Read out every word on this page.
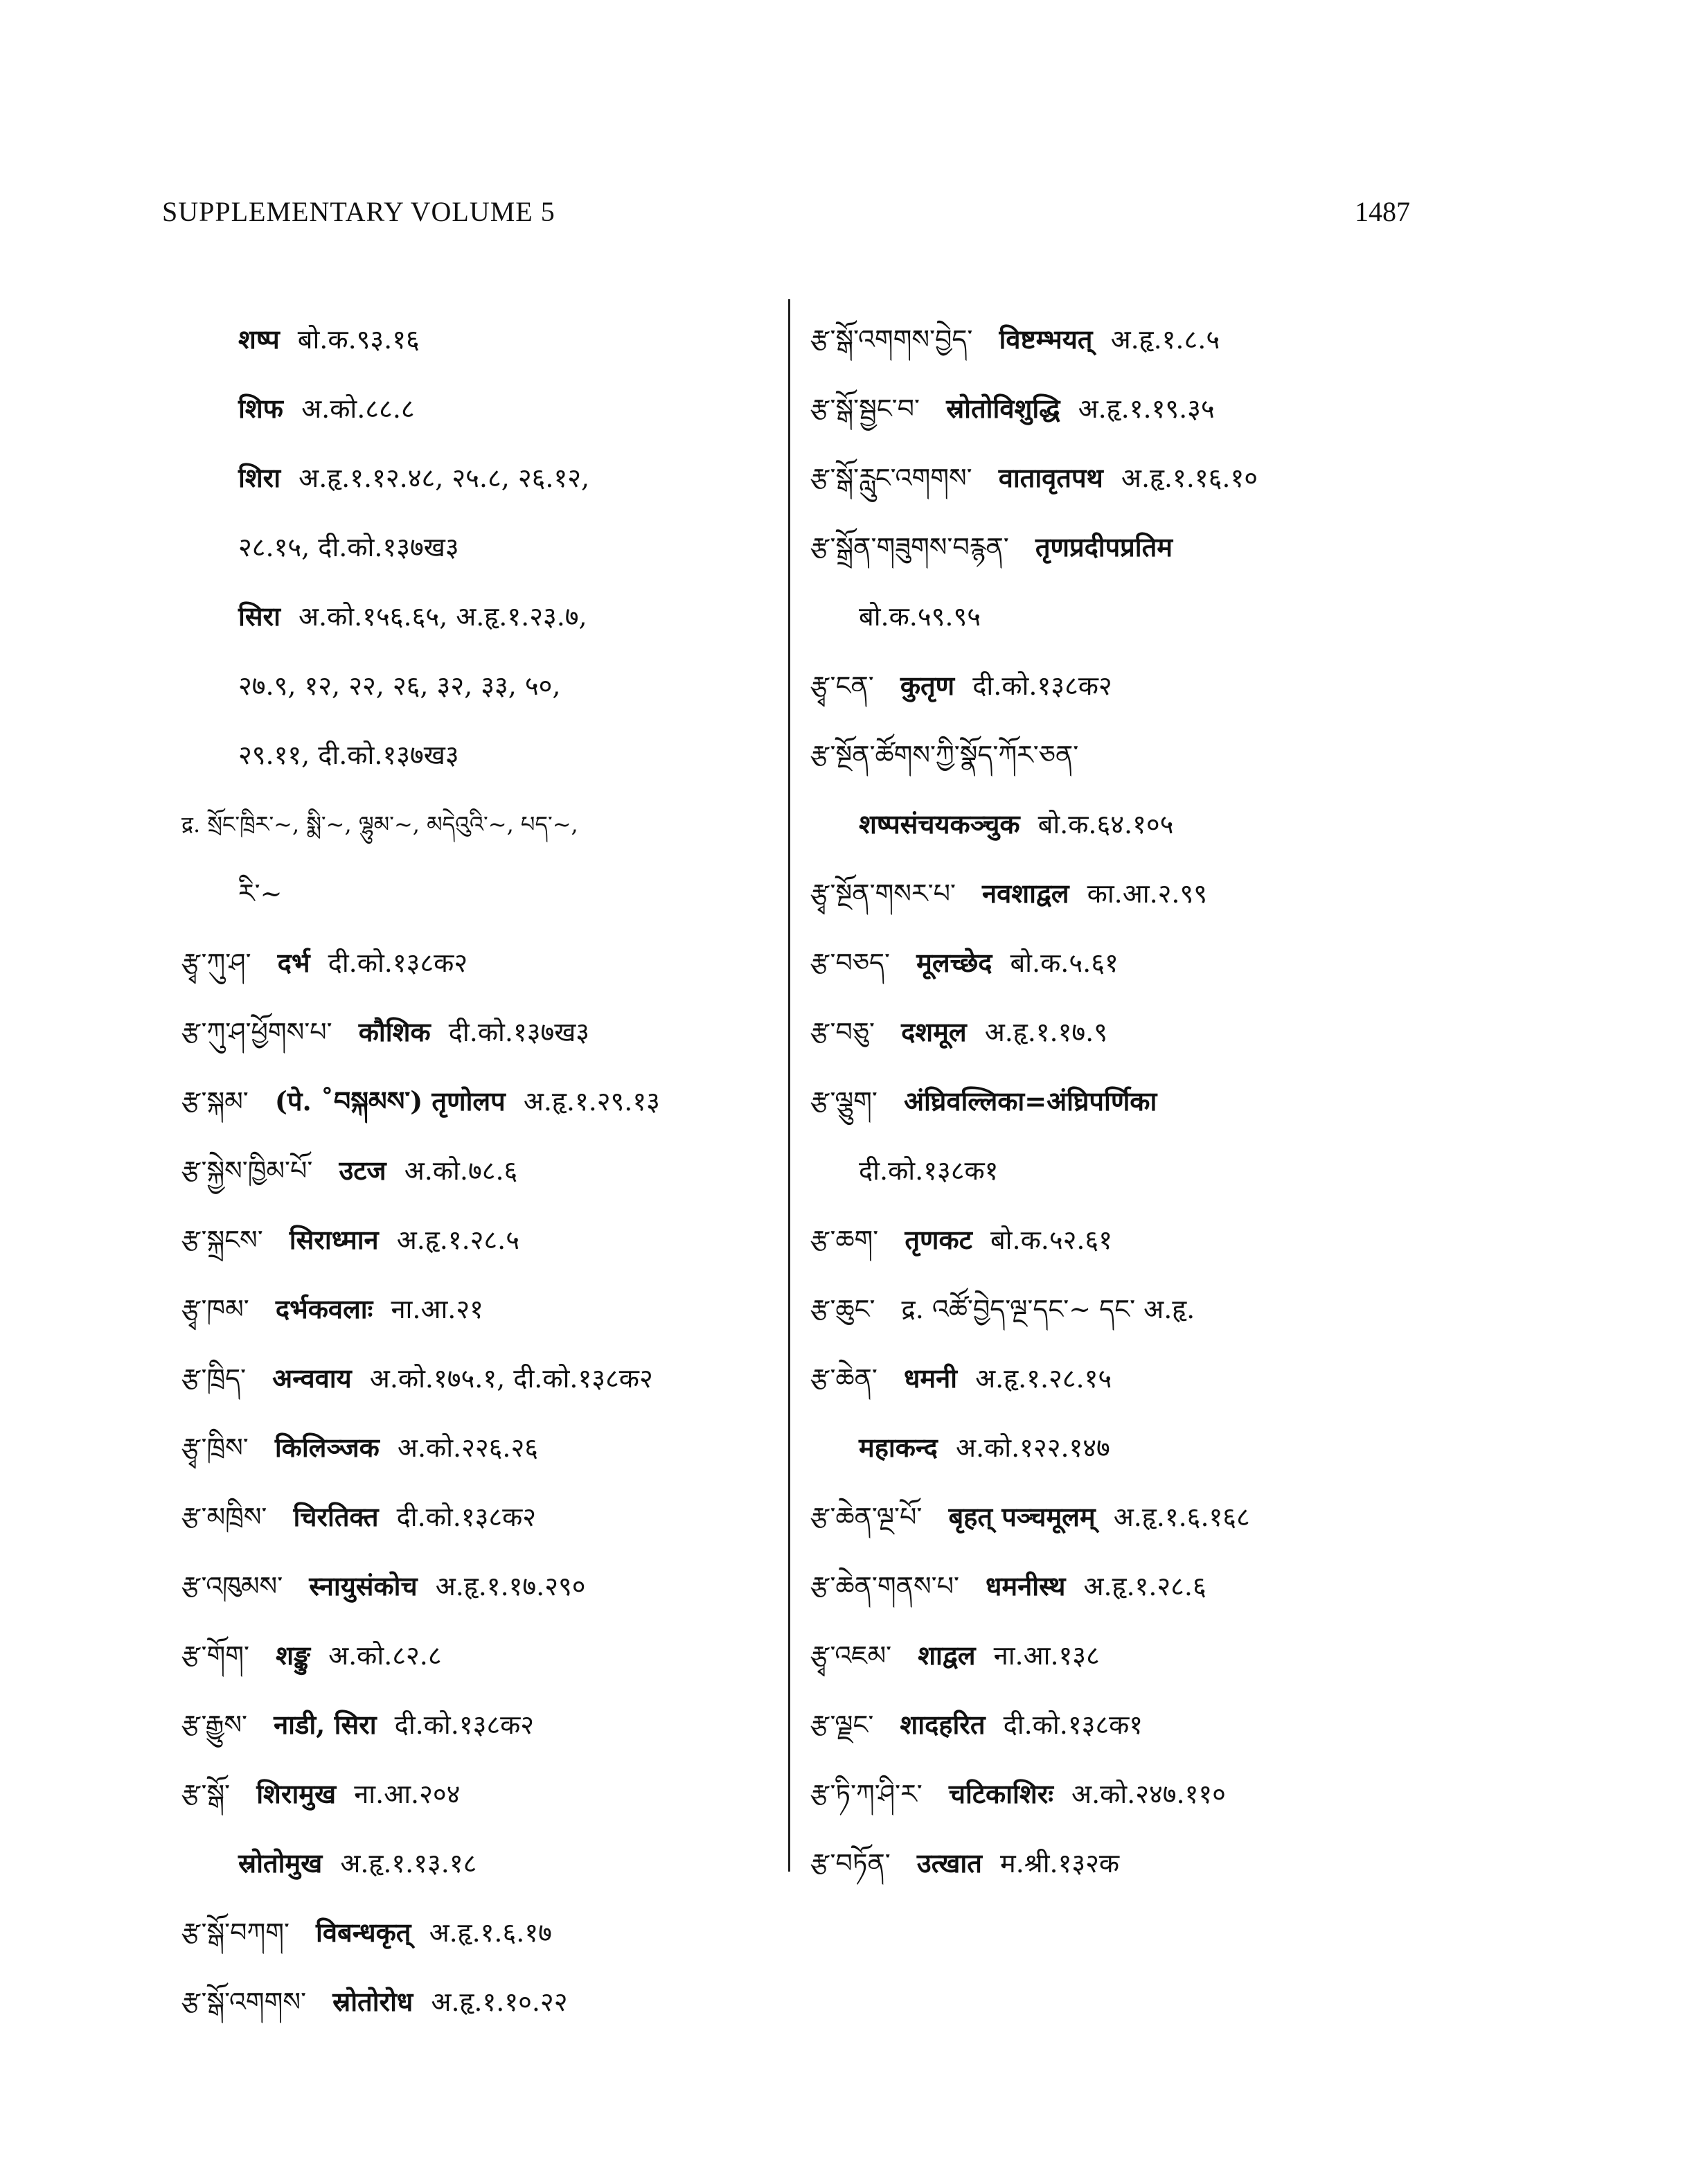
SUPPLEMENTARY VOLUME 5	1487
शष्प बो.क.९३.१६
शिफ अ.को.८८.८
शिरा अ.हृ.१.१२.४८, २५.८, २६.१२,
२८.१५, दी.को.१३७ख३
सिरा अ.को.१५६.६५, अ.हृ.१.२३.७,
२७.९, १२, २२, २६, ३२, ३३, ५०,
२९.११, दी.को.१३७ख३
द्र. སྲོང་ཁྲིར་~, སྨི་~, ལྷུམ་~, མདེའུའི་~, པད་~,
རི་~
རྩྭ་ཀུ་ཤ་ दर्भ दी.को.१३८क२
རྩ་ཀུ་ཤ་ཕྱོགས་པ་ कौशिक दी.को.१३७ख३
རྩ་སྐམ་ (पे. ˚བསྐམས་) तृणोलप अ.हृ.१.२९.१३
རྩ་སྐྱེས་ཁྱིམ་པོ་ उटज अ.को.७८.६
རྩ་སྐྲངས་ सिराध्मान अ.हृ.१.२८.५
རྩྭ་ཁམ་ दर्भकवलाः ना.आ.२१
རྩ་ཁྲིད་ अन्ववाय अ.को.१७५.१, दी.को.१३८क२
རྩྭ་ཁྲིས་ किलिञ्जक अ.को.२२६.२६
རྩ་མཁྲིས་ चिरतिक्त दी.को.१३८क२
རྩ་འཁུམས་ स्नायुसंकोच अ.हृ.१.१७.२९०
རྩ་གོག་ शङ्कु अ.को.८२.८
རྩ་རྒྱུས་ नाडी, सिरा दी.को.१३८क२
རྩ་སྒོ་ शिरामुख ना.आ.२०४
स्रोतोमुख अ.हृ.१.१३.१८
རྩ་སྒོ་བཀག་ विबन्धकृत् अ.हृ.१.६.१७
རྩ་སྒོ་འགགས་ स्रोतोरोध अ.हृ.१.१०.२२
རྩ་སྒོ་འགགས་བྱེད་ विष्टम्भयत् अ.हृ.१.८.५
རྩ་སྒོ་སྦྱང་བ་ स्रोतोविशुद्धि अ.हृ.१.१९.३५
རྩ་སྒོ་རླུང་འགགས་ वातावृतपथ अ.हृ.१.१६.१०
རྩ་སྒྲོན་གཟུགས་བརྙན་ तृणप्रदीपप्रतिम
बो.क.५९.९५
རྩྭ་ངན་ कुतृण दी.को.१३८क२
རྩ་སྔོན་ཚོགས་ཀྱི་སྣོད་ཀོར་ཅན་
शष्पसंचयकञ्चुक बो.क.६४.१०५
རྩྭ་སྔོན་གསར་པ་ नवशाद्वल का.आ.२.९९
རྩ་བཅད་ मूलच्छेद बो.क.५.६१
རྩ་བཅུ་ दशमूल अ.हृ.१.१७.९
རྩ་ལྕུག་ अंघ्रिवल्लिका=अंघ्रिपर्णिका
दी.को.१३८क१
རྩ་ཆག་ तृणकट बो.क.५२.६१
རྩ་ཆུང་ द्र. འཚོ་བྱེད་ལྔ་དང་~ དང་ अ.हृ.
རྩ་ཆེན་ धमनी अ.हृ.१.२८.१५
महाकन्द अ.को.१२२.१४७
རྩ་ཆེན་ལྔ་པོ་ बृहत् पञ्चमूलम् अ.हृ.१.६.१६८
རྩ་ཆེན་གནས་པ་ धमनीस्थ अ.हृ.१.२८.६
རྩྭ་འཇམ་ शाद्वल ना.आ.१३८
རྩ་ལྗང་ शादहरित दी.को.१३८क१
རྩ་ཏི་ཀ་ཤི་ར་ चटिकाशिरः अ.को.२४७.११०
རྩ་བཏོན་ उत्खात म.श्री.१३२क
